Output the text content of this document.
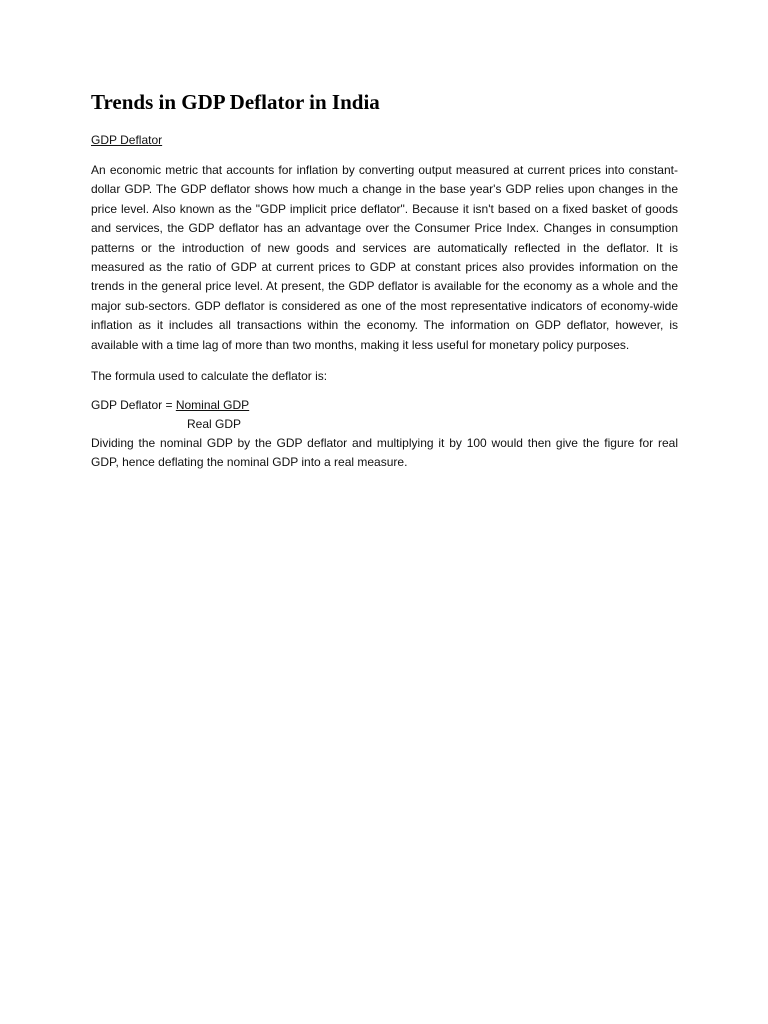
Trends in GDP Deflator in India
GDP Deflator

An economic metric that accounts for inflation by converting output measured at current prices into constant-dollar GDP. The GDP deflator shows how much a change in the base year's GDP relies upon changes in the price level. Also known as the "GDP implicit price deflator". Because it isn't based on a fixed basket of goods and services, the GDP deflator has an advantage over the Consumer Price Index. Changes in consumption patterns or the introduction of new goods and services are automatically reflected in the deflator. It is measured as the ratio of GDP at current prices to GDP at constant prices also provides information on the trends in the general price level. At present, the GDP deflator is available for the economy as a whole and the major sub-sectors. GDP deflator is considered as one of the most representative indicators of economy-wide inflation as it includes all transactions within the economy. The information on GDP deflator, however, is available with a time lag of more than two months, making it less useful for monetary policy purposes.

The formula used to calculate the deflator is:

GDP Deflator = Nominal GDP

Real GDP

Dividing the nominal GDP by the GDP deflator and multiplying it by 100 would then give the figure for real GDP, hence deflating the nominal GDP into a real measure.
